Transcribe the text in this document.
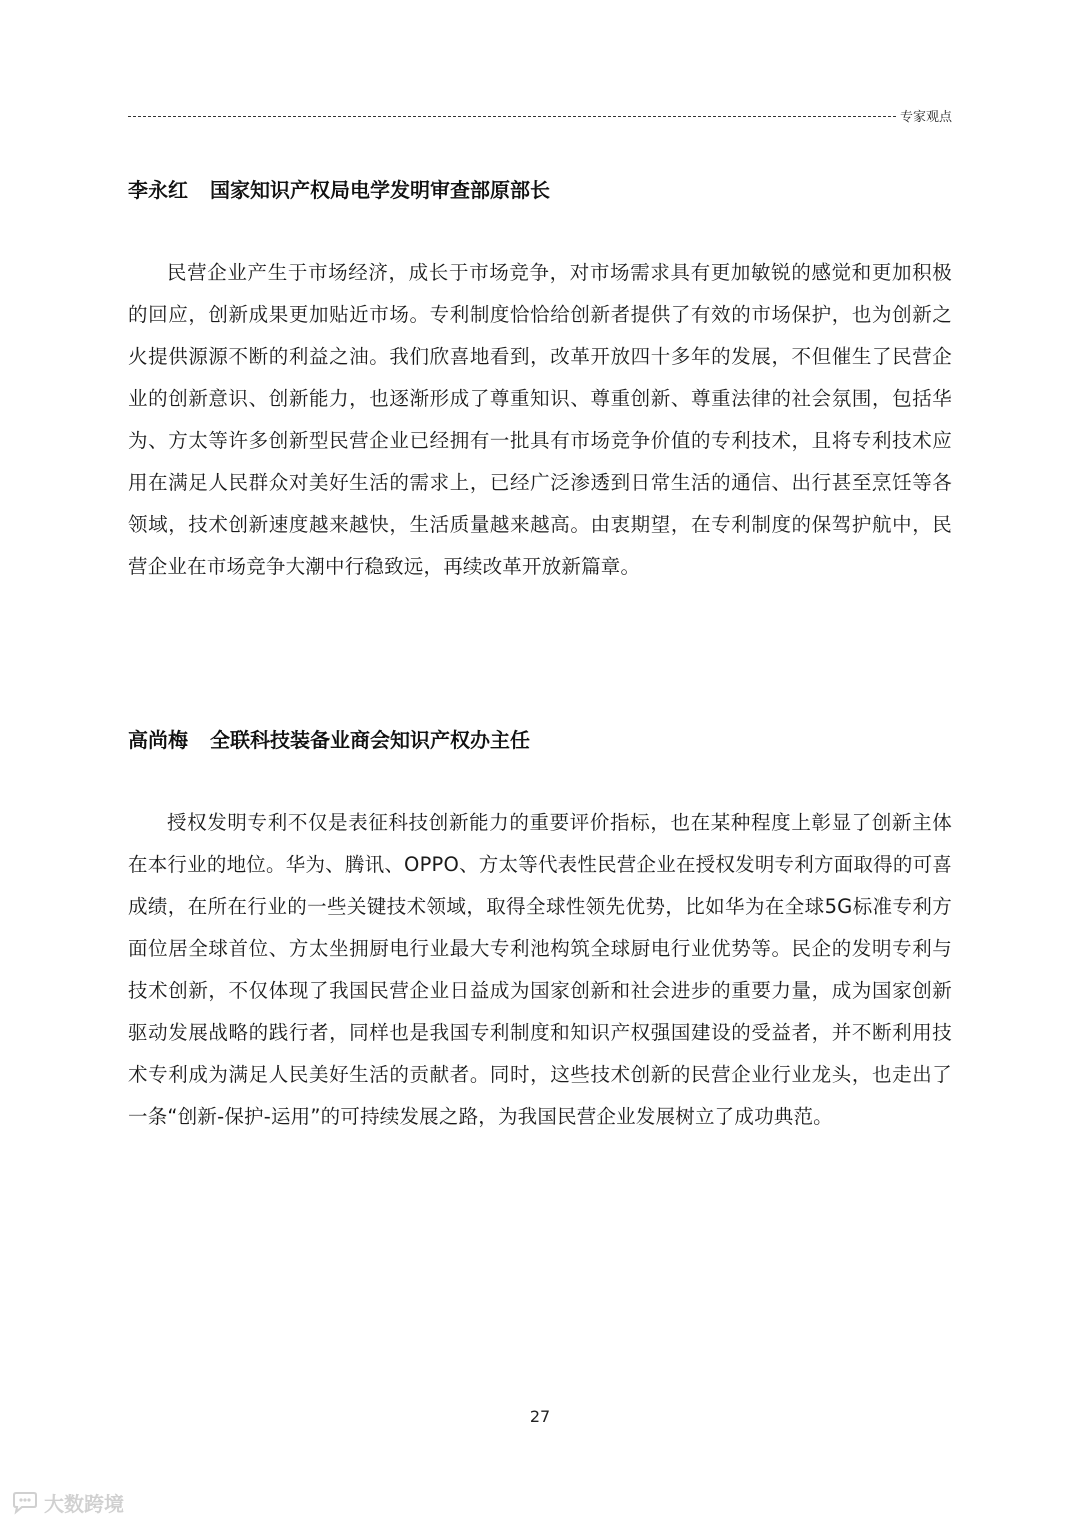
专家观点
李永红 国家知识产权局电学发明审查部原部长

民营企业产生于市场经济，成长于市场竞争，对市场需求具有更加敏锐的感觉和更加积极的回应，创新成果更加贴近市场。专利制度恰恰给创新者提供了有效的市场保护，也为创新之火提供源源不断的利益之油。我们欣喜地看到，改革开放四十多年的发展，不但催生了民营企业的创新意识、创新能力，也逐渐形成了尊重知识、尊重创新、尊重法律的社会氛围，包括华为、方太等许多创新型民营企业已经拥有一批具有市场竞争价值的专利技术，且将专利技术应用在满足人民群众对美好生活的需求上，已经广泛渗透到日常生活的通信、出行甚至烹饪等各领域，技术创新速度越来越快，生活质量越来越高。由衷期望，在专利制度的保驾护航中，民营企业在市场竞争大潮中行稳致远，再续改革开放新篇章。

高尚梅 全联科技装备业商会知识产权办主任

授权发明专利不仅是表征科技创新能力的重要评价指标，也在某种程度上彰显了创新主体在本行业的地位。华为、腾讯、OPPO、方太等代表性民营企业在授权发明专利方面取得的可喜成绩，在所在行业的一些关键技术领域，取得全球性领先优势，比如华为在全球5G标准专利方面位居全球首位、方太坐拥厨电行业最大专利池构筑全球厨电行业优势等。民企的发明专利与技术创新，不仅体现了我国民营企业日益成为国家创新和社会进步的重要力量，成为国家创新驱动发展战略的践行者，同样也是我国专利制度和知识产权强国建设的受益者，并不断利用技术专利成为满足人民美好生活的贡献者。同时，这些技术创新的民营企业行业龙头，也走出了一条“创新-保护-运用”的可持续发展之路，为我国民营企业发展树立了成功典范。

27
大数跨境
